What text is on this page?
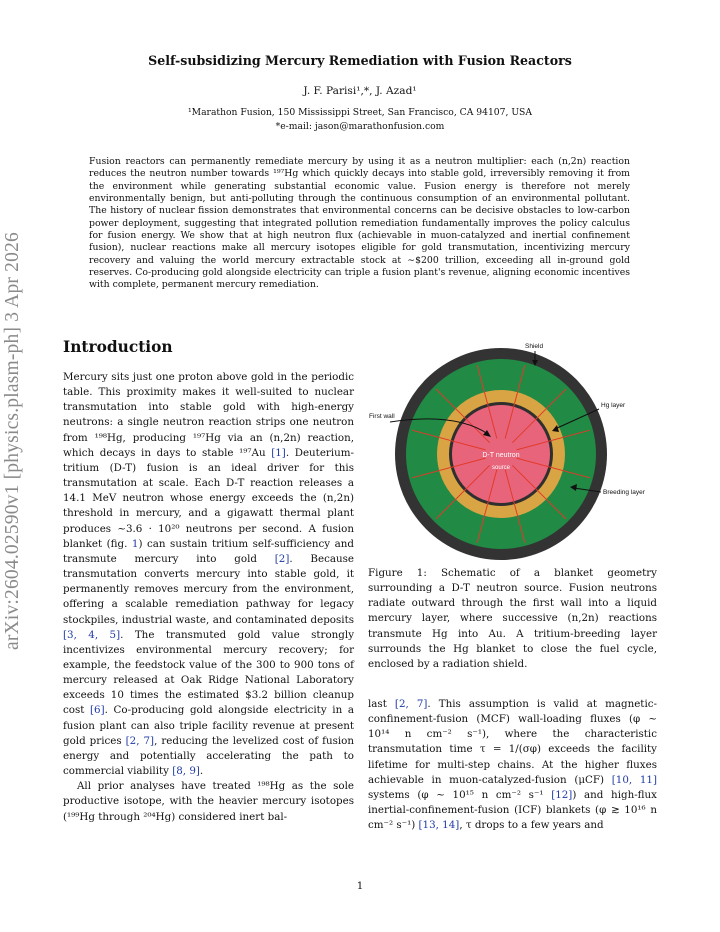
arXiv:2604.02590v1 [physics.plasm-ph] 3 Apr 2026
Self-subsidizing Mercury Remediation with Fusion Reactors
J. F. Parisi¹,*, J. Azad¹
¹Marathon Fusion, 150 Mississippi Street, San Francisco, CA 94107, USA
*e-mail: jason@marathonfusion.com
Fusion reactors can permanently remediate mercury by using it as a neutron multiplier: each (n,2n) reaction reduces the neutron number towards ¹⁹⁷Hg which quickly decays into stable gold, irreversibly removing it from the environment while generating substantial economic value. Fusion energy is therefore not merely environmentally benign, but anti-polluting through the continuous consumption of an environmental pollutant. The history of nuclear fission demonstrates that environmental concerns can be decisive obstacles to low-carbon power deployment, suggesting that integrated pollution remediation fundamentally improves the policy calculus for fusion energy. We show that at high neutron flux (achievable in muon-catalyzed and inertial confinement fusion), nuclear reactions make all mercury isotopes eligible for gold transmutation, incentivizing mercury recovery and valuing the world mercury extractable stock at ∼$200 trillion, exceeding all in-ground gold reserves. Co-producing gold alongside electricity can triple a fusion plant's revenue, aligning economic incentives with complete, permanent mercury remediation.
Introduction

Mercury sits just one proton above gold in the periodic table. This proximity makes it well-suited to nuclear transmutation into stable gold with high-energy neutrons: a single neutron reaction strips one neutron from ¹⁹⁸Hg, producing ¹⁹⁷Hg via an (n,2n) reaction, which decays in days to stable ¹⁹⁷Au [1]. Deuterium-tritium (D-T) fusion is an ideal driver for this transmutation at scale. Each D-T reaction releases a 14.1 MeV neutron whose energy exceeds the (n,2n) threshold in mercury, and a gigawatt thermal plant produces ∼3.6 · 10²⁰ neutrons per second. A fusion blanket (fig. 1) can sustain tritium self-sufficiency and transmute mercury into gold [2]. Because transmutation converts mercury into stable gold, it permanently removes mercury from the environment, offering a scalable remediation pathway for legacy stockpiles, industrial waste, and contaminated deposits [3, 4, 5]. The transmuted gold value strongly incentivizes environmental mercury recovery; for example, the feedstock value of the 300 to 900 tons of mercury released at Oak Ridge National Laboratory exceeds 10 times the estimated $3.2 billion cleanup cost [6]. Co-producing gold alongside electricity in a fusion plant can also triple facility revenue at present gold prices [2, 7], reducing the levelized cost of fusion energy and potentially accelerating the path to commercial viability [8, 9].

All prior analyses have treated ¹⁹⁸Hg as the sole productive isotope, with the heavier mercury isotopes (¹⁹⁹Hg through ²⁰⁴Hg) considered inert bal-

D-T neutron
source
Shield
Hg layer
First wall
Breeding layer
Figure 1: Schematic of a blanket geometry surrounding a D-T neutron source. Fusion neutrons radiate outward through the first wall into a liquid mercury layer, where successive (n,2n) reactions transmute Hg into Au. A tritium-breeding layer surrounds the Hg blanket to close the fuel cycle, enclosed by a radiation shield.

last [2, 7]. This assumption is valid at magnetic-confinement-fusion (MCF) wall-loading fluxes (φ ∼ 10¹⁴ n cm⁻² s⁻¹), where the characteristic transmutation time τ = 1/(σφ) exceeds the facility lifetime for multi-step chains. At the higher fluxes achievable in muon-catalyzed-fusion (μCF) [10, 11] systems (φ ∼ 10¹⁵ n cm⁻² s⁻¹ [12]) and high-flux inertial-confinement-fusion (ICF) blankets (φ ≳ 10¹⁶ n cm⁻² s⁻¹) [13, 14], τ drops to a few years and

1
